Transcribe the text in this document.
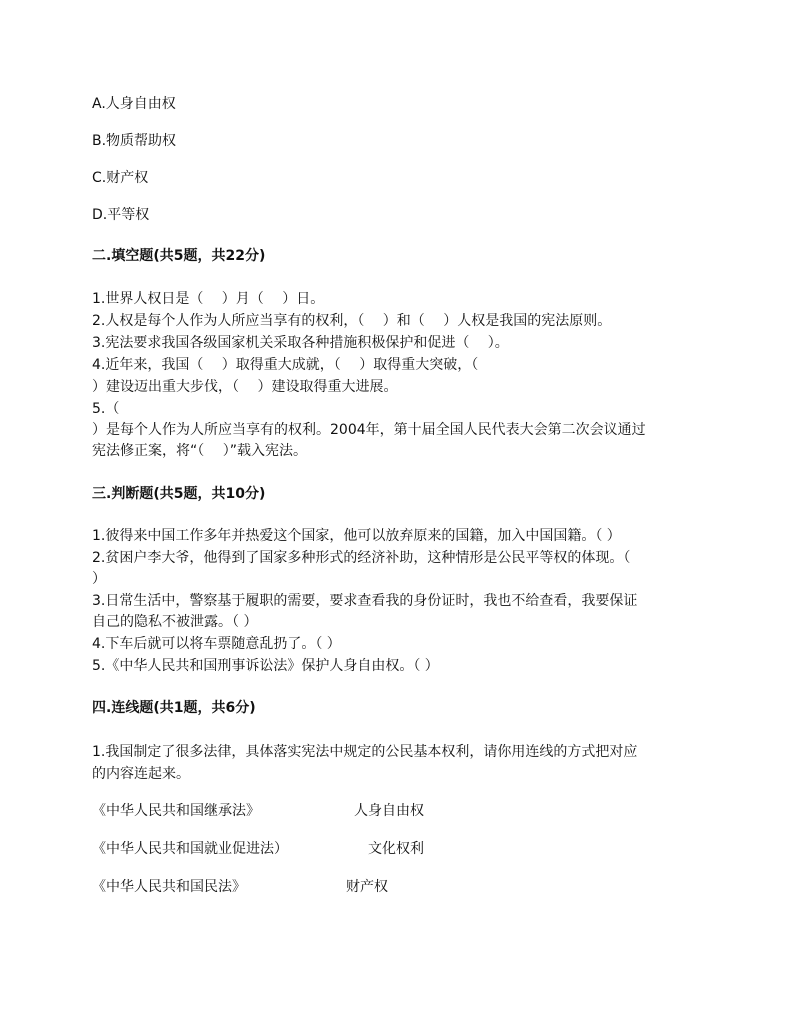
A.人身自由权
B.物质帮助权
C.财产权
D.平等权
二.填空题(共5题，共22分)
1.世界人权日是（　 ）月（　 ）日。
2.人权是每个人作为人所应当享有的权利，（　 ）和（　 ）人权是我国的宪法原则。
3.宪法要求我国各级国家机关采取各种措施积极保护和促进（　 ）。
4.近年来，我国（　 ）取得重大成就，（　 ）取得重大突破，（
）建设迈出重大步伐，（　 ）建设取得重大进展。
5.（
）是每个人作为人所应当享有的权利。2004年，第十届全国人民代表大会第二次会议通过
宪法修正案，将“（　 ）”载入宪法。
三.判断题(共5题，共10分)
1.彼得来中国工作多年并热爱这个国家，他可以放弃原来的国籍，加入中国国籍。（ ）
2.贫困户李大爷，他得到了国家多种形式的经济补助，这种情形是公民平等权的体现。（
）
3.日常生活中，警察基于履职的需要，要求查看我的身份证时，我也不给查看，我要保证
自己的隐私不被泄露。（ ）
4.下车后就可以将车票随意乱扔了。（ ）
5.《中华人民共和国刑事诉讼法》保护人身自由权。（ ）
四.连线题(共1题，共6分)
1.我国制定了很多法律，具体落实宪法中规定的公民基本权利，请你用连线的方式把对应
的内容连起来。
《中华人民共和国继承法》	人身自由权
《中华人民共和国就业促进法）	文化权利
《中华人民共和国民法》	财产权
